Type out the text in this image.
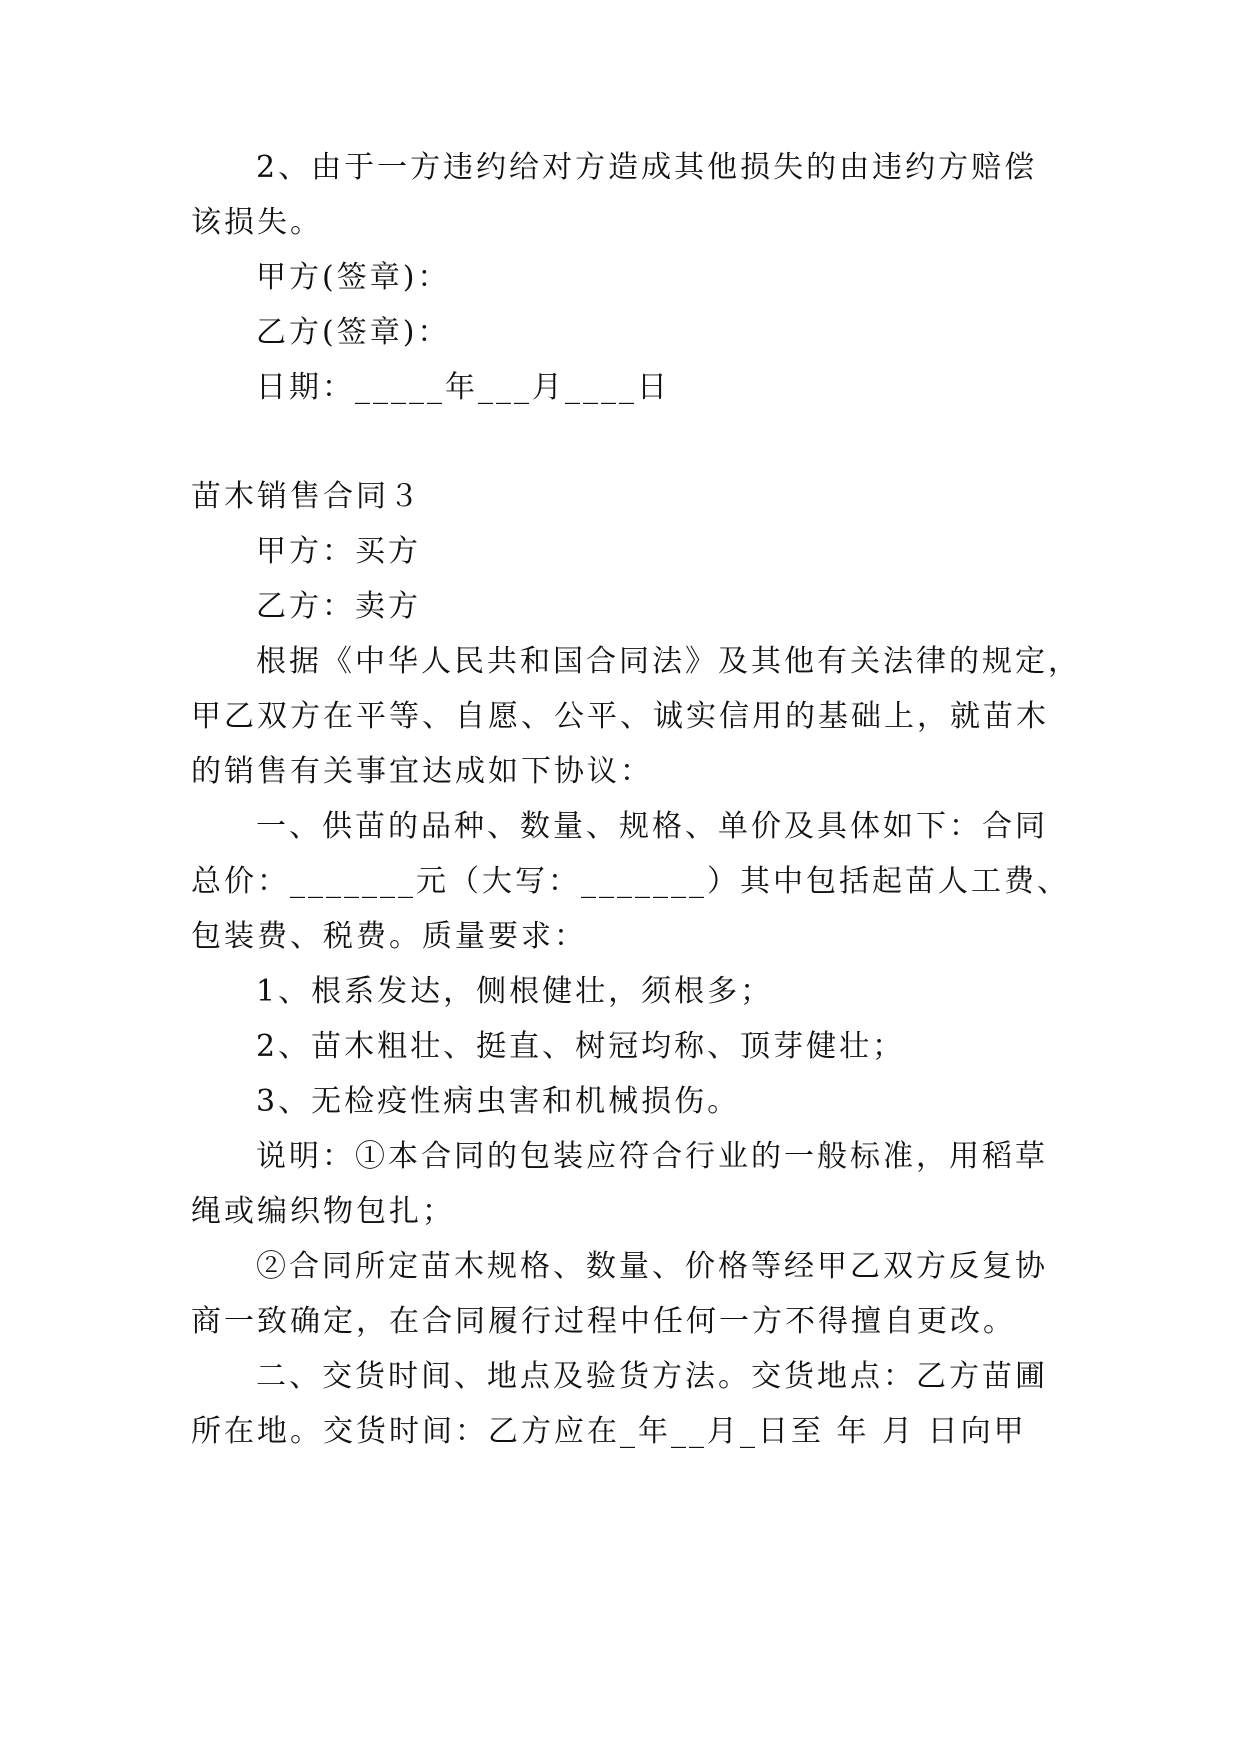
2、由于一方违约给对方造成其他损失的由违约方赔偿
该损失。
甲方(签章)：
乙方(签章)：
日期：_____年___月____日
苗木销售合同３
甲方：买方
乙方：卖方
根据《中华人民共和国合同法》及其他有关法律的规定，
甲乙双方在平等、自愿、公平、诚实信用的基础上，就苗木
的销售有关事宜达成如下协议：
一、供苗的品种、数量、规格、单价及具体如下：合同
总价：_______元（大写：_______）其中包括起苗人工费、
包装费、税费。质量要求：
1、根系发达，侧根健壮，须根多；
2、苗木粗壮、挺直、树冠均称、顶芽健壮；
3、无检疫性病虫害和机械损伤。
说明：①本合同的包装应符合行业的一般标准，用稻草
绳或编织物包扎；
②合同所定苗木规格、数量、价格等经甲乙双方反复协
商一致确定，在合同履行过程中任何一方不得擅自更改。
二、交货时间、地点及验货方法。交货地点：乙方苗圃
所在地。交货时间：乙方应在_年__月_日至 年 月 日向甲
